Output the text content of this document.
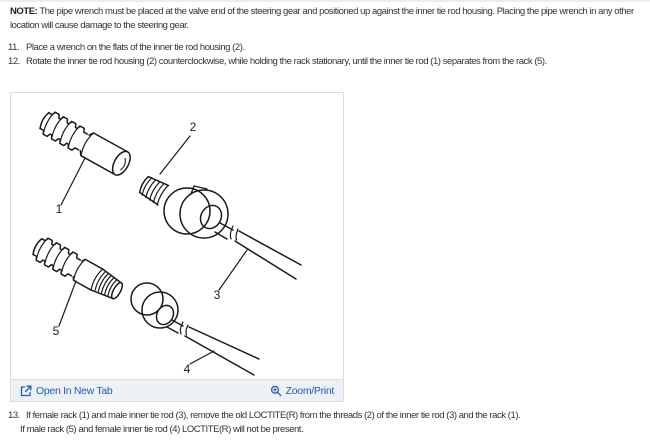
NOTE: The pipe wrench must be placed at the valve end of the steering gear and positioned up against the inner tie rod housing. Placing the pipe wrench in any other
location will cause damage to the steering gear.
11. Place a wrench on the flats of the inner tie rod housing (2).
12. Rotate the inner tie rod housing (2) counterclockwise, while holding the rack stationary, until the inner tie rod (1) separates from the rack (5).
1
2
3
4
5
Open In New Tab	Zoom/Print
13. If female rack (1) and male inner tie rod (3), remove the old LOCTITE(R) from the threads (2) of the inner tie rod (3) and the rack (1).
If male rack (5) and female inner tie rod (4) LOCTITE(R) will not be present.
